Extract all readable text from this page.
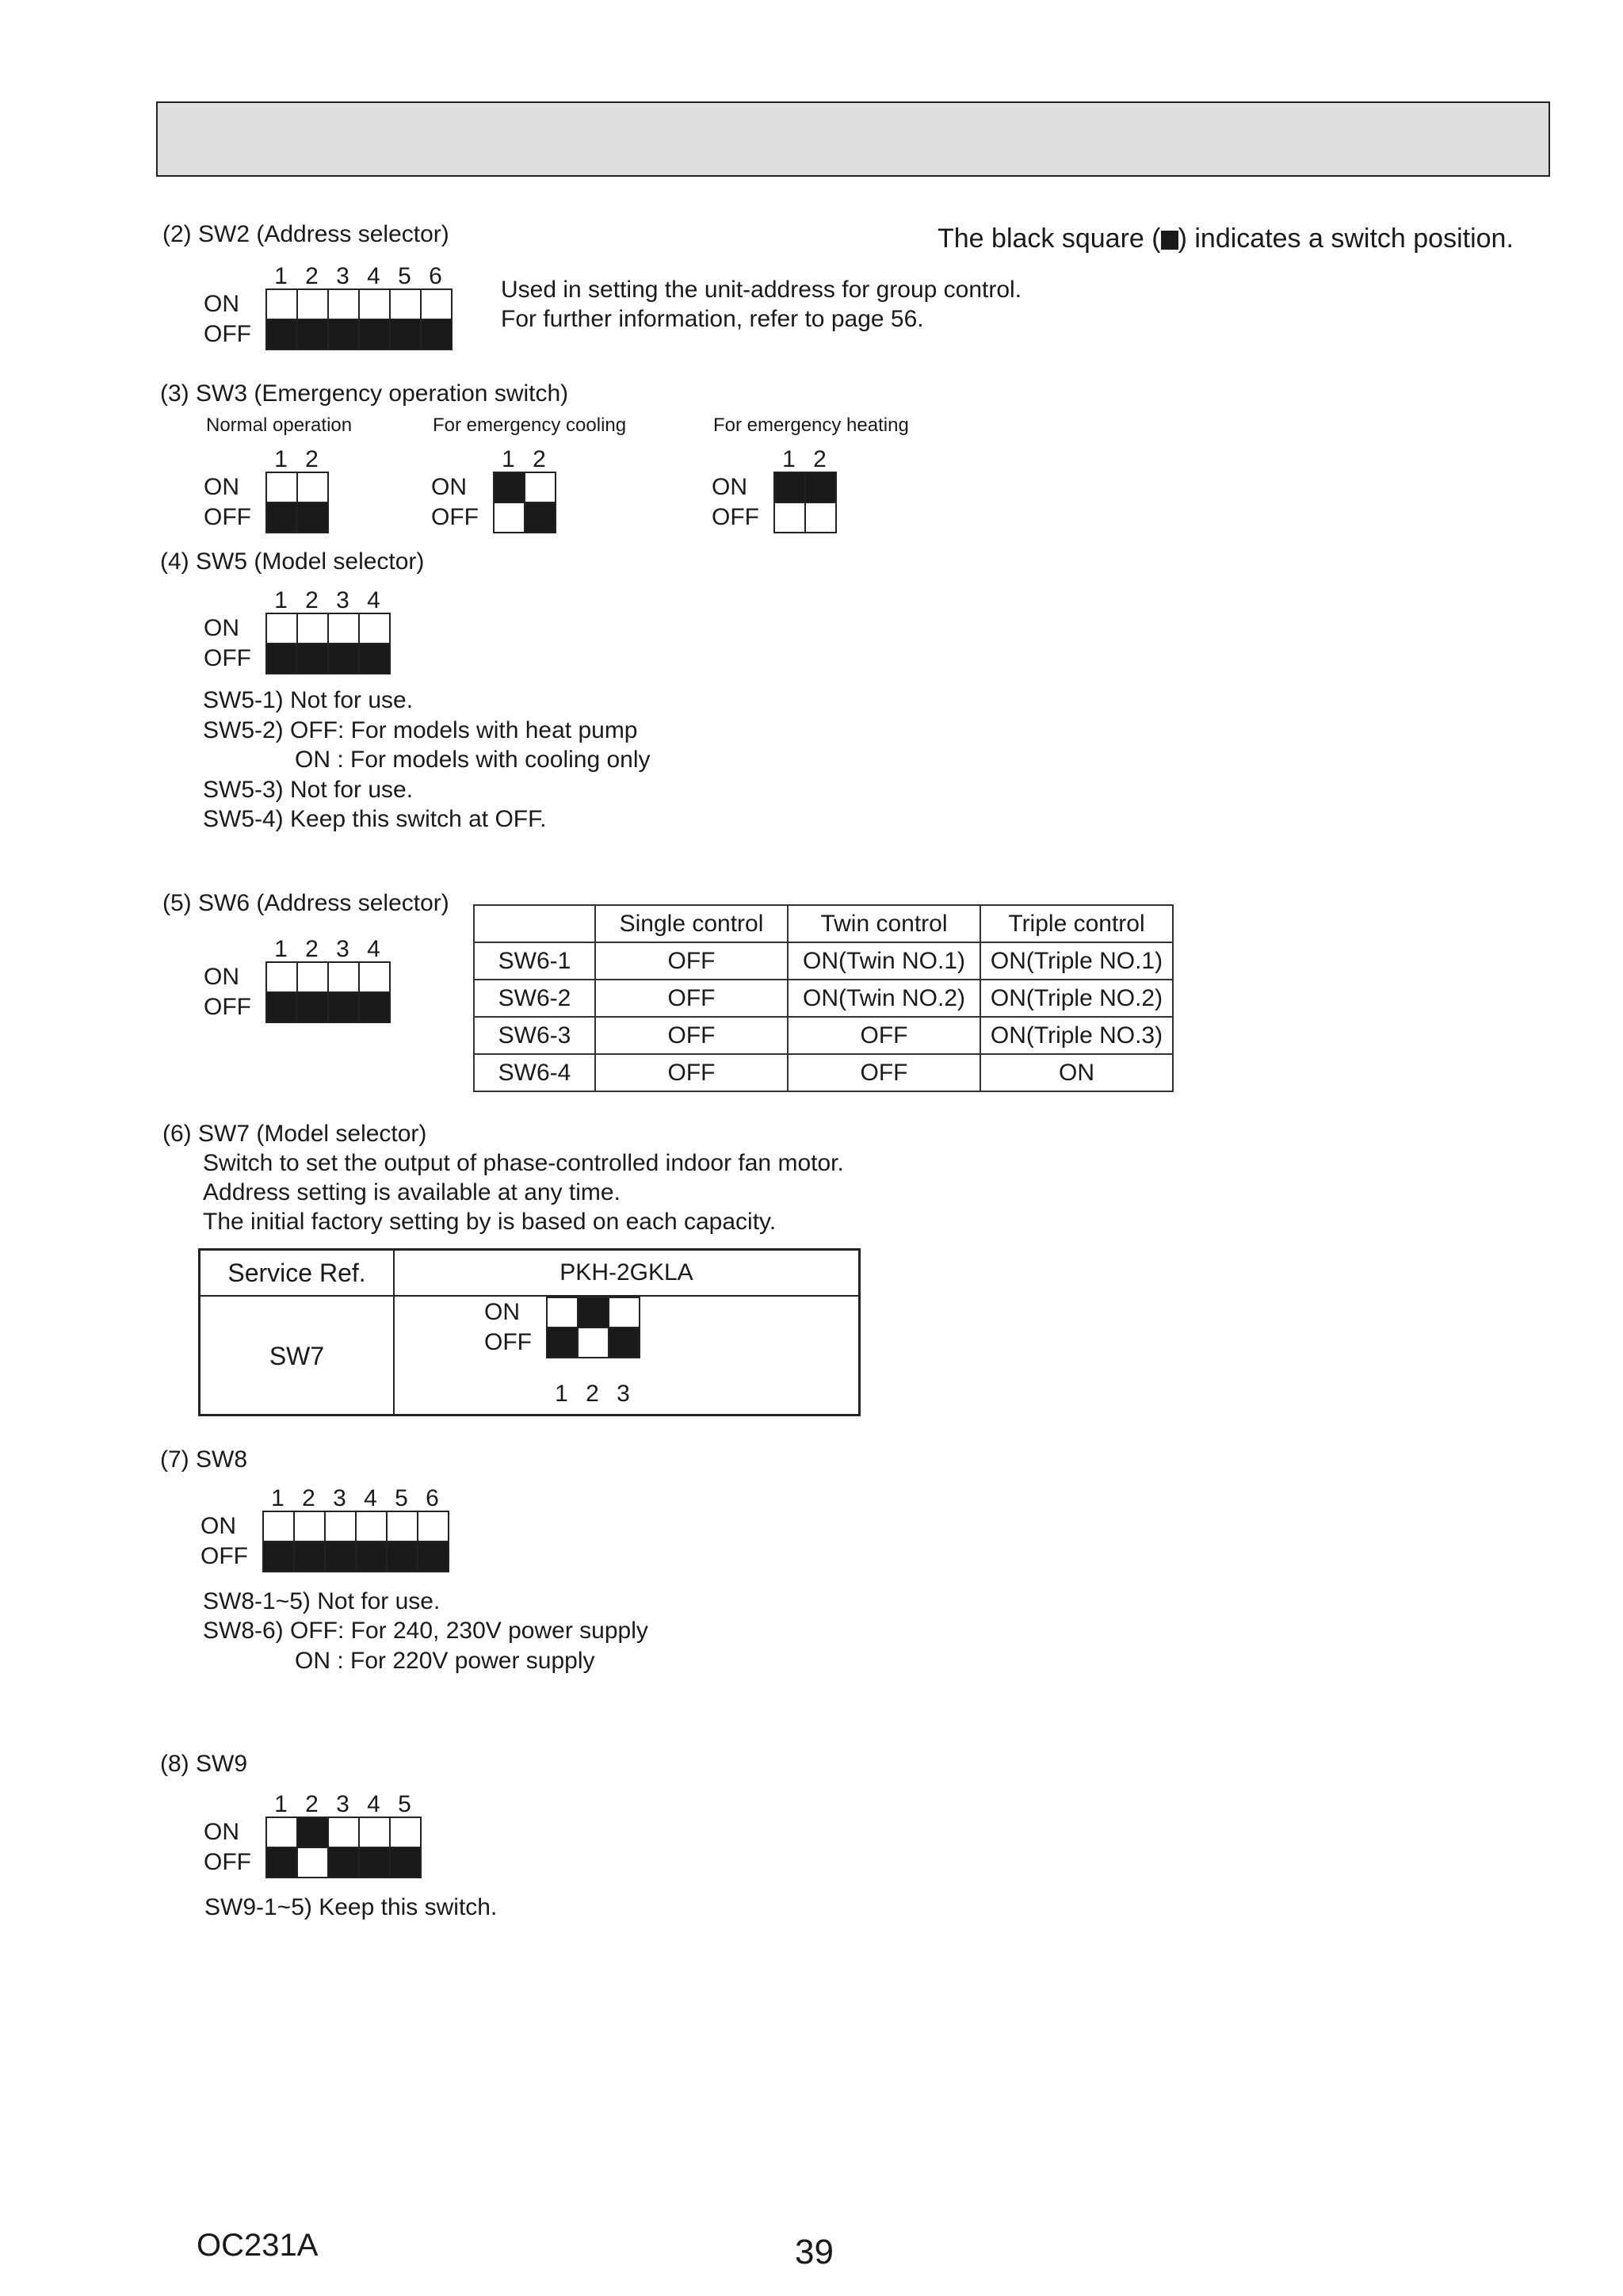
The black square ( ) indicates a switch position.
(2) SW2 (Address selector)
1 2 3 4 5 6
ON
OFF
Used in setting the unit-address for group control.
For further information, refer to page 56.
(3) SW3 (Emergency operation switch)
Normal operation	For emergency cooling	For emergency heating
1 2
ON
OFF
1 2
ON
OFF
1 2
ON
OFF
(4) SW5 (Model selector)
1 2 3 4
ON
OFF
SW5-1) Not for use.
SW5-2) OFF: For models with heat pump
ON : For models with cooling only
SW5-3) Not for use.
SW5-4) Keep this switch at OFF.
(5) SW6 (Address selector)
1 2 3 4
ON
OFF
	Single control	Twin control	Triple control
SW6-1	OFF	ON(Twin NO.1)	ON(Triple NO.1)
SW6-2	OFF	ON(Twin NO.2)	ON(Triple NO.2)
SW6-3	OFF	OFF	ON(Triple NO.3)
SW6-4	OFF	OFF	ON
(6) SW7 (Model selector)
Switch to set the output of phase-controlled indoor fan motor.
Address setting is available at any time.
The initial factory setting by is based on each capacity.
Service Ref.	PKH-2GKLA
SW7
1 2 3
ON
OFF
(7) SW8
1 2 3 4 5 6
ON
OFF
SW8-1~5) Not for use.
SW8-6) OFF: For 240, 230V power supply
ON : For 220V power supply
(8) SW9
1 2 3 4 5
ON
OFF
SW9-1~5) Keep this switch.
OC231A	39
